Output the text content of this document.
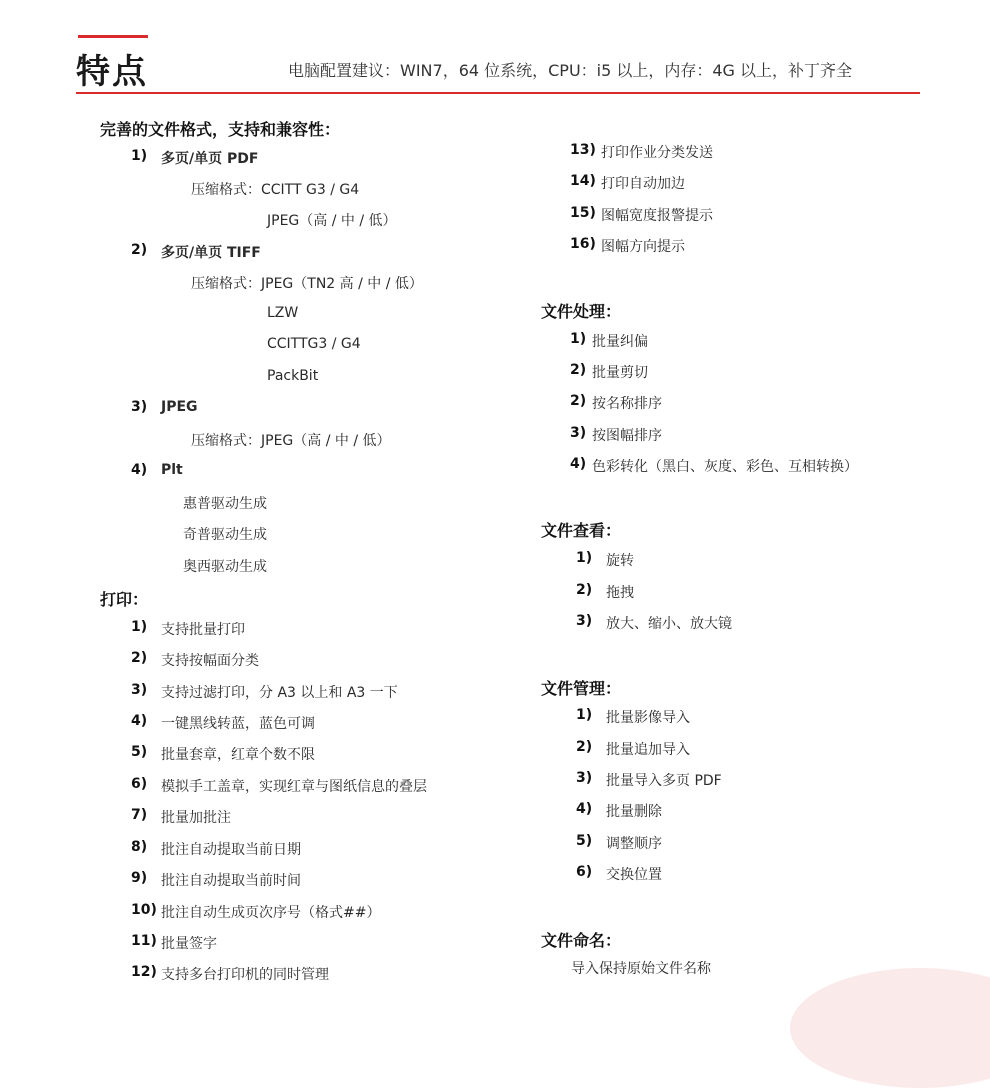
特点	电脑配置建议：WIN7，64 位系统，CPU：i5 以上，内存：4G 以上，补丁齐全
完善的文件格式，支持和兼容性：
1) 多页/单页 PDF
压缩格式：CCITT G3 / G4
JPEG（高 / 中 / 低）
2) 多页/单页 TIFF
压缩格式：JPEG（TN2 高 / 中 / 低）
LZW
CCITTG3 / G4
PackBit
3) JPEG
压缩格式：JPEG（高 / 中 / 低）
4) Plt
惠普驱动生成
奇普驱动生成
奥西驱动生成
打印：
1) 支持批量打印
2) 支持按幅面分类
3) 支持过滤打印，分 A3 以上和 A3 一下
4) 一键黑线转蓝，蓝色可调
5) 批量套章，红章个数不限
6) 模拟手工盖章，实现红章与图纸信息的叠层
7) 批量加批注
8) 批注自动提取当前日期
9) 批注自动提取当前时间
10) 批注自动生成页次序号（格式##）
11) 批量签字
12) 支持多台打印机的同时管理
13) 打印作业分类发送
14) 打印自动加边
15) 图幅宽度报警提示
16) 图幅方向提示
文件处理：
1) 批量纠偏
2) 批量剪切
2) 按名称排序
3) 按图幅排序
4) 色彩转化（黑白、灰度、彩色、互相转换）
文件查看：
1) 旋转
2) 拖拽
3) 放大、缩小、放大镜
文件管理：
1) 批量影像导入
2) 批量追加导入
3) 批量导入多页 PDF
4) 批量删除
5) 调整顺序
6) 交换位置
文件命名：
导入保持原始文件名称
